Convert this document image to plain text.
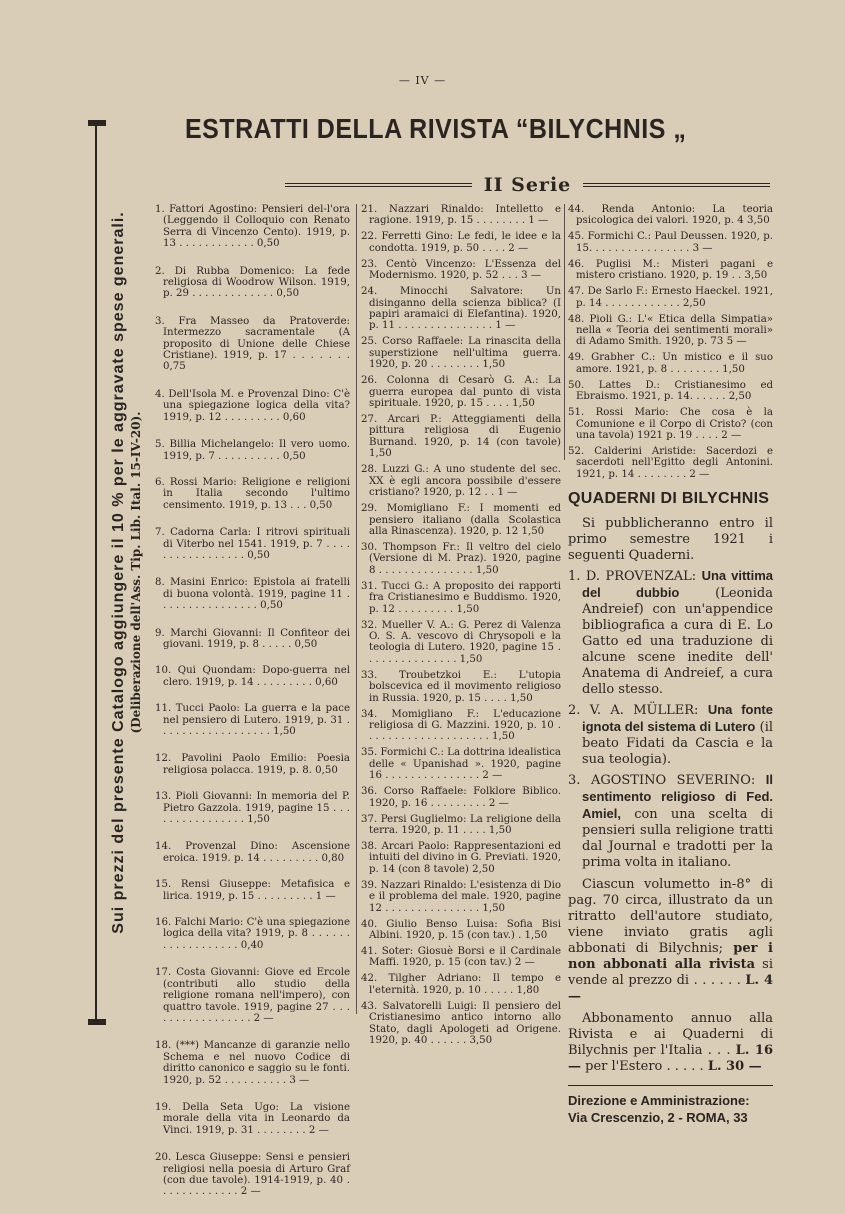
— IV —
ESTRATTI DELLA RIVISTA “BILYCHNIS „
II Serie
Sui prezzi del presente Catalogo aggiungere il 10 % per le aggravate spese generali. (Deliberazione dell'Ass. Tip. Lib. Ital. 15-IV-20).
1. Fattori Agostino: Pensieri del-l'ora (Leggendo il Colloquio con Renato Serra di Vincenzo Cento). 1919, p. 13 . . . . . . . . . . . . 0,50
2. Di Rubba Domenico: La fede religiosa di Woodrow Wilson. 1919, p. 29 . . . . . . . . . . . . . 0,50
3. Fra Masseo da Pratoverde: Intermezzo sacramentale (A proposito di Unione delle Chiese Cristiane). 1919, p. 17 . . . . . . . 0,75
4. Dell'Isola M. e Provenzal Dino: C'è una spiegazione logica della vita? 1919, p. 12 . . . . . . . . . 0,60
5. Billia Michelangelo: Il vero uomo. 1919, p. 7 . . . . . . . . . . 0,50
6. Rossi Mario: Religione e religioni in Italia secondo l'ultimo censimento. 1919, p. 13 . . . 0,50
7. Cadorna Carla: I ritrovi spirituali di Viterbo nel 1541. 1919, p. 7 . . . . . . . . . . . . . . . . . 0,50
8. Masini Enrico: Epistola ai fratelli di buona volontà. 1919, pagine 11 . . . . . . . . . . . . . . . . 0,50
9. Marchi Giovanni: Il Confiteor dei giovani. 1919, p. 8 . . . . . 0,50
10. Qui Quondam: Dopo-guerra nel clero. 1919, p. 14 . . . . . . . . . 0,60
11. Tucci Paolo: La guerra e la pace nel pensiero di Lutero. 1919, p. 31 . . . . . . . . . . . . . . . . . . 1,50
12. Pavolini Paolo Emilio: Poesia religiosa polacca. 1919, p. 8. 0,50
13. Pioli Giovanni: In memoria del P. Pietro Gazzola. 1919, pagine 15 . . . . . . . . . . . . . . . . 1,50
14. Provenzal Dino: Ascensione eroica. 1919. p. 14 . . . . . . . . . 0,80
15. Rensi Giuseppe: Metafisica e lirica. 1919, p. 15 . . . . . . . . . 1 —
16. Falchi Mario: C'è una spiegazione logica della vita? 1919, p. 8 . . . . . . . . . . . . . . . . . . 0,40
17. Costa Giovanni: Giove ed Ercole (contributi allo studio della religione romana nell'impero), con quattro tavole. 1919, pagine 27 . . . . . . . . . . . . . . . . . 2 —
18. (***) Mancanze di garanzie nello Schema e nel nuovo Codice di diritto canonico e saggio su le fonti. 1920, p. 52 . . . . . . . . . . 3 —
19. Della Seta Ugo: La visione morale della vita in Leonardo da Vinci. 1919, p. 31 . . . . . . . . 2 —
20. Lesca Giuseppe: Sensi e pensieri religiosi nella poesia di Arturo Graf (con due tavole). 1914-1919, p. 40 . . . . . . . . . . . . . 2 —
21. Nazzari Rinaldo: Intelletto e ragione. 1919, p. 15 . . . . . . . . 1 —
22. Ferretti Gino: Le fedi, le idee e la condotta. 1919, p. 50 . . . . 2 —
23. Centò Vincenzo: L'Essenza del Modernismo. 1920, p. 52 . . . 3 —
24. Minocchi Salvatore: Un disinganno della scienza biblica? (I papiri aramaici di Elefantina). 1920, p. 11 . . . . . . . . . . . . . . . 1 —
25. Corso Raffaele: La rinascita della superstizione nell'ultima guerra. 1920, p. 20 . . . . . . . . 1,50
26. Colonna di Cesarò G. A.: La guerra europea dal punto di vista spirituale. 1920, p. 15 . . . . 1,50
27. Arcari P.: Atteggiamenti della pittura religiosa di Eugenio Burnand. 1920, p. 14 (con tavole) 1,50
28. Luzzi G.: A uno studente del sec. XX è egli ancora possibile d'essere cristiano? 1920, p. 12 . . 1 —
29. Momigliano F.: I momenti ed pensiero italiano (dalla Scolastica alla Rinascenza). 1920, p. 12 1,50
30. Thompson Fr.: Il veltro del cielo (Versione di M. Praz). 1920, pagine 8 . . . . . . . . . . . . . . . 1,50
31. Tucci G.: A proposito dei rapporti fra Cristianesimo e Buddismo. 1920, p. 12 . . . . . . . . . 1,50
32. Mueller V. A.: G. Perez di Valenza O. S. A. vescovo di Chrysopoli e la teologia di Lutero. 1920, pagine 15 . . . . . . . . . . . . . . . 1,50
33. Troubetzkoi E.: L'utopia bolscevica ed il movimento religioso in Russia. 1920, p. 15 . . . . 1,50
34. Momigliano F.: L'educazione religiosa di G. Mazzini. 1920, p. 10 . . . . . . . . . . . . . . . . . . . . 1,50
35. Formichi C.: La dottrina idealistica delle « Upanishad ». 1920, pagine 16 . . . . . . . . . . . . . . . 2 —
36. Corso Raffaele: Folklore Biblico. 1920, p. 16 . . . . . . . . . 2 —
37. Persi Guglielmo: La religione della terra. 1920, p. 11 . . . . 1,50
38. Arcari Paolo: Rappresentazioni ed intuiti del divino in G. Previati. 1920, p. 14 (con 8 tavole) 2,50
39. Nazzari Rinaldo: L'esistenza di Dio e il problema del male. 1920, pagine 12 . . . . . . . . . . . . . . . 1,50
40. Giulio Benso Luisa: Sofia Bisi Albini. 1920, p. 15 (con tav.) . 1,50
41. Soter: Giosuè Borsi e il Cardinale Maffi. 1920, p. 15 (con tav.) 2 —
42. Tilgher Adriano: Il tempo e l'eternità. 1920, p. 10 . . . . . 1,80
43. Salvatorelli Luigi: Il pensiero del Cristianesimo antico intorno allo Stato, dagli Apologeti ad Origene. 1920, p. 40 . . . . . . 3,50
44. Renda Antonio: La teoria psicologica dei valori. 1920, p. 4 3,50
45. Formichi C.: Paul Deussen. 1920, p. 15. . . . . . . . . . . . . . . . 3 —
46. Puglisi M.: Misteri pagani e mistero cristiano. 1920, p. 19 . . 3,50
47. De Sarlo F.: Ernesto Haeckel. 1921, p. 14 . . . . . . . . . . . . 2,50
48. Pioli G.: L'« Etica della Simpatia» nella « Teoria dei sentimenti morali» di Adamo Smith. 1920, p. 73 5 —
49. Grabher C.: Un mistico e il suo amore. 1921, p. 8 . . . . . . . . 1,50
50. Lattes D.: Cristianesimo ed Ebraismo. 1921, p. 14. . . . . . 2,50
51. Rossi Mario: Che cosa è la Comunione e il Corpo di Cristo? (con una tavola) 1921 p. 19 . . . . 2 —
52. Calderini Aristide: Sacerdozi e sacerdoti nell'Egitto degli Antonini. 1921, p. 14 . . . . . . . . 2 —
QUADERNI DI BILYCHNIS
Si pubblicheranno entro il primo semestre 1921 i seguenti Quaderni.
1. D. PROVENZAL: Una vittima del dubbio	(Leonida Andreief) con un'appendice bibliografica a cura di E. Lo Gatto ed una traduzione di alcune scene inedite dell' Anatema di Andreief, a cura dello stesso.
2. V. A. MÜLLER: Una fonte ignota del sistema di Lutero (il beato Fidati da Cascia e la sua teologia).
3. AGOSTINO SEVERINO: Il sentimento religioso di Fed. Amiel, con una scelta di pensieri sulla religione tratti dal Journal e tradotti per la prima volta in italiano.
Ciascun volumetto in-8° di pag. 70 circa, illustrato da un ritratto dell'autore studiato, viene inviato gratis agli abbonati di Bilychnis; per i non abbonati alla rivista si vende al prezzo di . . . . . . L. 4 —
Abbonamento annuo alla Rivista e ai Quaderni di Bilychnis per l'Italia . . . L. 16 — per l'Estero . . . . . L. 30 —
Direzione e Amministrazione:
Via Crescenzio, 2 - ROMA, 33
